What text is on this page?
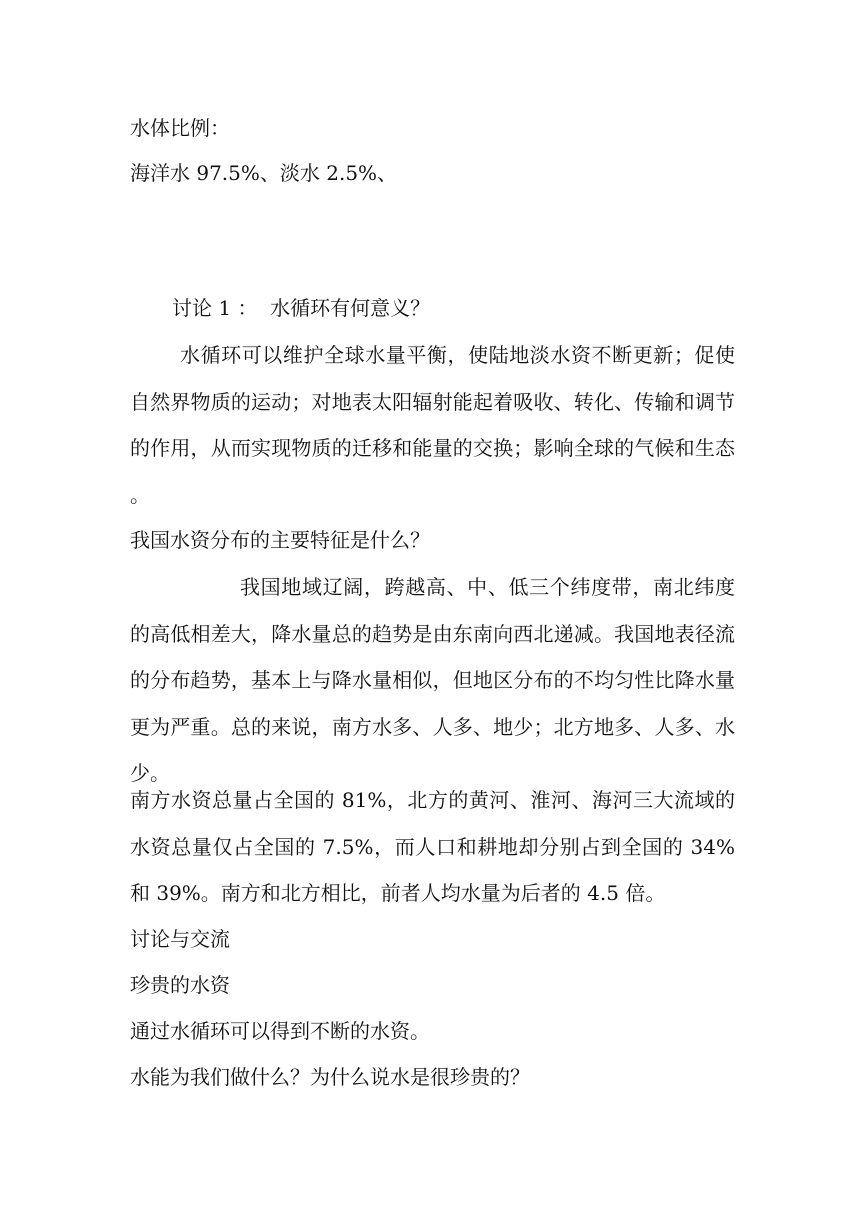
水体比例：
海洋水 97.5%、淡水 2.5%、
讨论 1 ：  水循环有何意义？
水循环可以维护全球水量平衡，使陆地淡水资不断更新；促使自然界物质的运动；对地表太阳辐射能起着吸收、转化、传输和调节的作用，从而实现物质的迁移和能量的交换；影响全球的气候和生态 。
我国水资分布的主要特征是什么？
我国地域辽阔，跨越高、中、低三个纬度带，南北纬度的高低相差大，降水量总的趋势是由东南向西北递减。我国地表径流的分布趋势，基本上与降水量相似，但地区分布的不均匀性比降水量更为严重。总的来说，南方水多、人多、地少；北方地多、人多、水少。
南方水资总量占全国的 81%，北方的黄河、淮河、海河三大流域的水资总量仅占全国的 7.5%，而人口和耕地却分别占到全国的 34%和 39%。南方和北方相比，前者人均水量为后者的 4.5 倍。
讨论与交流
珍贵的水资
通过水循环可以得到不断的水资。
水能为我们做什么？为什么说水是很珍贵的？
